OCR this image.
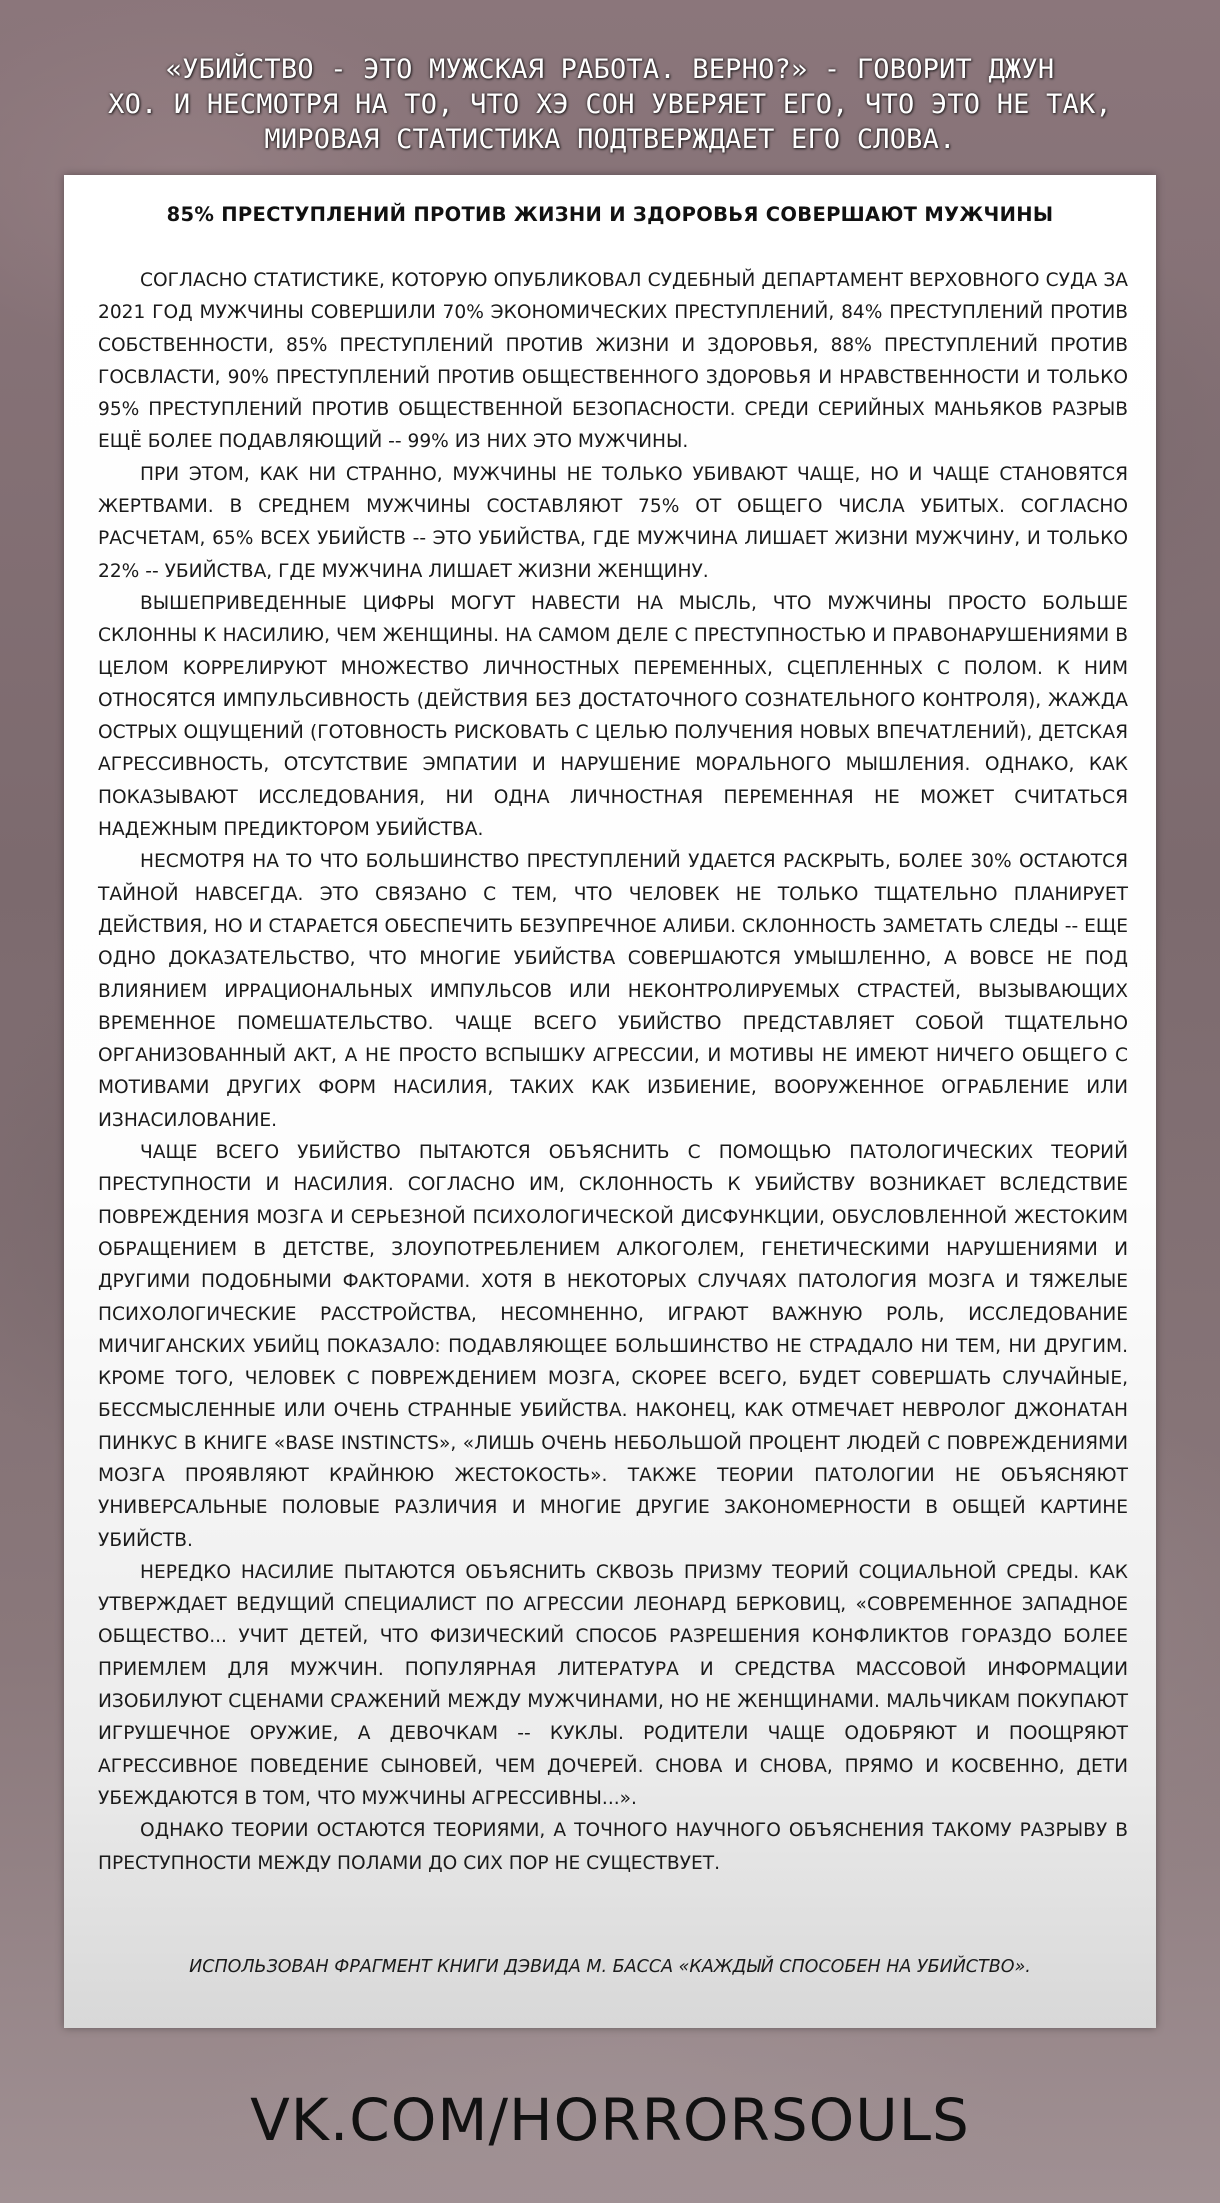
«УБИЙСТВО - ЭТО МУЖСКАЯ РАБОТА. ВЕРНО?» - ГОВОРИТ ДЖУН
ХО. И НЕСМОТРЯ НА ТО, ЧТО ХЭ СОН УВЕРЯЕТ ЕГО, ЧТО ЭТО НЕ ТАК,
МИРОВАЯ СТАТИСТИКА ПОДТВЕРЖДАЕТ ЕГО СЛОВА.
85% ПРЕСТУПЛЕНИЙ ПРОТИВ ЖИЗНИ И ЗДОРОВЬЯ СОВЕРШАЮТ МУЖЧИНЫ

СОГЛАСНО СТАТИСТИКЕ, КОТОРУЮ ОПУБЛИКОВАЛ СУДЕБНЫЙ ДЕПАРТАМЕНТ ВЕРХОВНОГО СУДА ЗА 2021 ГОД МУЖЧИНЫ СОВЕРШИЛИ 70% ЭКОНОМИЧЕСКИХ ПРЕСТУПЛЕНИЙ, 84% ПРЕСТУПЛЕНИЙ ПРОТИВ СОБСТВЕННОСТИ, 85% ПРЕСТУПЛЕНИЙ ПРОТИВ ЖИЗНИ И ЗДОРОВЬЯ, 88% ПРЕСТУПЛЕНИЙ ПРОТИВ ГОСВЛАСТИ, 90% ПРЕСТУПЛЕНИЙ ПРОТИВ ОБЩЕСТВЕННОГО ЗДОРОВЬЯ И НРАВСТВЕННОСТИ И ТОЛЬКО 95% ПРЕСТУПЛЕНИЙ ПРОТИВ ОБЩЕСТВЕННОЙ БЕЗОПАСНОСТИ. СРЕДИ СЕРИЙНЫХ МАНЬЯКОВ РАЗРЫВ ЕЩЁ БОЛЕЕ ПОДАВЛЯЮЩИЙ -- 99% ИЗ НИХ ЭТО МУЖЧИНЫ.

ПРИ ЭТОМ, КАК НИ СТРАННО, МУЖЧИНЫ НЕ ТОЛЬКО УБИВАЮТ ЧАЩЕ, НО И ЧАЩЕ СТАНОВЯТСЯ ЖЕРТВАМИ. В СРЕДНЕМ МУЖЧИНЫ СОСТАВЛЯЮТ 75% ОТ ОБЩЕГО ЧИСЛА УБИТЫХ. СОГЛАСНО РАСЧЕТАМ, 65% ВСЕХ УБИЙСТВ -- ЭТО УБИЙСТВА, ГДЕ МУЖЧИНА ЛИШАЕТ ЖИЗНИ МУЖЧИНУ, И ТОЛЬКО 22% -- УБИЙСТВА, ГДЕ МУЖЧИНА ЛИШАЕТ ЖИЗНИ ЖЕНЩИНУ.

ВЫШЕПРИВЕДЕННЫЕ ЦИФРЫ МОГУТ НАВЕСТИ НА МЫСЛЬ, ЧТО МУЖЧИНЫ ПРОСТО БОЛЬШЕ СКЛОННЫ К НАСИЛИЮ, ЧЕМ ЖЕНЩИНЫ. НА САМОМ ДЕЛЕ С ПРЕСТУПНОСТЬЮ И ПРАВОНАРУШЕНИЯМИ В ЦЕЛОМ КОРРЕЛИРУЮТ МНОЖЕСТВО ЛИЧНОСТНЫХ ПЕРЕМЕННЫХ, СЦЕПЛЕННЫХ С ПОЛОМ. К НИМ ОТНОСЯТСЯ ИМПУЛЬСИВНОСТЬ (ДЕЙСТВИЯ БЕЗ ДОСТАТОЧНОГО СОЗНАТЕЛЬНОГО КОНТРОЛЯ), ЖАЖДА ОСТРЫХ ОЩУЩЕНИЙ (ГОТОВНОСТЬ РИСКОВАТЬ С ЦЕЛЬЮ ПОЛУЧЕНИЯ НОВЫХ ВПЕЧАТЛЕНИЙ), ДЕТСКАЯ АГРЕССИВНОСТЬ, ОТСУТСТВИЕ ЭМПАТИИ И НАРУШЕНИЕ МОРАЛЬНОГО МЫШЛЕНИЯ. ОДНАКО, КАК ПОКАЗЫВАЮТ ИССЛЕДОВАНИЯ, НИ ОДНА ЛИЧНОСТНАЯ ПЕРЕМЕННАЯ НЕ МОЖЕТ СЧИТАТЬСЯ НАДЕЖНЫМ ПРЕДИКТОРОМ УБИЙСТВА.

НЕСМОТРЯ НА ТО ЧТО БОЛЬШИНСТВО ПРЕСТУПЛЕНИЙ УДАЕТСЯ РАСКРЫТЬ, БОЛЕЕ 30% ОСТАЮТСЯ ТАЙНОЙ НАВСЕГДА. ЭТО СВЯЗАНО С ТЕМ, ЧТО ЧЕЛОВЕК НЕ ТОЛЬКО ТЩАТЕЛЬНО ПЛАНИРУЕТ ДЕЙСТВИЯ, НО И СТАРАЕТСЯ ОБЕСПЕЧИТЬ БЕЗУПРЕЧНОЕ АЛИБИ. СКЛОННОСТЬ ЗАМЕТАТЬ СЛЕДЫ -- ЕЩЕ ОДНО ДОКАЗАТЕЛЬСТВО, ЧТО МНОГИЕ УБИЙСТВА СОВЕРШАЮТСЯ УМЫШЛЕННО, А ВОВСЕ НЕ ПОД ВЛИЯНИЕМ ИРРАЦИОНАЛЬНЫХ ИМПУЛЬСОВ ИЛИ НЕКОНТРОЛИРУЕМЫХ СТРАСТЕЙ, ВЫЗЫВАЮЩИХ ВРЕМЕННОЕ ПОМЕШАТЕЛЬСТВО. ЧАЩЕ ВСЕГО УБИЙСТВО ПРЕДСТАВЛЯЕТ СОБОЙ ТЩАТЕЛЬНО ОРГАНИЗОВАННЫЙ АКТ, А НЕ ПРОСТО ВСПЫШКУ АГРЕССИИ, И МОТИВЫ НЕ ИМЕЮТ НИЧЕГО ОБЩЕГО С МОТИВАМИ ДРУГИХ ФОРМ НАСИЛИЯ, ТАКИХ КАК ИЗБИЕНИЕ, ВООРУЖЕННОЕ ОГРАБЛЕНИЕ ИЛИ ИЗНАСИЛОВАНИЕ.

ЧАЩЕ ВСЕГО УБИЙСТВО ПЫТАЮТСЯ ОБЪЯСНИТЬ С ПОМОЩЬЮ ПАТОЛОГИЧЕСКИХ ТЕОРИЙ ПРЕСТУПНОСТИ И НАСИЛИЯ. СОГЛАСНО ИМ, СКЛОННОСТЬ К УБИЙСТВУ ВОЗНИКАЕТ ВСЛЕДСТВИЕ ПОВРЕЖДЕНИЯ МОЗГА И СЕРЬЕЗНОЙ ПСИХОЛОГИЧЕСКОЙ ДИСФУНКЦИИ, ОБУСЛОВЛЕННОЙ ЖЕСТОКИМ ОБРАЩЕНИЕМ В ДЕТСТВЕ, ЗЛОУПОТРЕБЛЕНИЕМ АЛКОГОЛЕМ, ГЕНЕТИЧЕСКИМИ НАРУШЕНИЯМИ И ДРУГИМИ ПОДОБНЫМИ ФАКТОРАМИ. ХОТЯ В НЕКОТОРЫХ СЛУЧАЯХ ПАТОЛОГИЯ МОЗГА И ТЯЖЕЛЫЕ ПСИХОЛОГИЧЕСКИЕ РАССТРОЙСТВА, НЕСОМНЕННО, ИГРАЮТ ВАЖНУЮ РОЛЬ, ИССЛЕДОВАНИЕ МИЧИГАНСКИХ УБИЙЦ ПОКАЗАЛО: ПОДАВЛЯЮЩЕЕ БОЛЬШИНСТВО НЕ СТРАДАЛО НИ ТЕМ, НИ ДРУГИМ. КРОМЕ ТОГО, ЧЕЛОВЕК С ПОВРЕЖДЕНИЕМ МОЗГА, СКОРЕЕ ВСЕГО, БУДЕТ СОВЕРШАТЬ СЛУЧАЙНЫЕ, БЕССМЫСЛЕННЫЕ ИЛИ ОЧЕНЬ СТРАННЫЕ УБИЙСТВА. НАКОНЕЦ, КАК ОТМЕЧАЕТ НЕВРОЛОГ ДЖОНАТАН ПИНКУС В КНИГЕ «BASE INSTINCTS», «ЛИШЬ ОЧЕНЬ НЕБОЛЬШОЙ ПРОЦЕНТ ЛЮДЕЙ С ПОВРЕЖДЕНИЯМИ МОЗГА ПРОЯВЛЯЮТ КРАЙНЮЮ ЖЕСТОКОСТЬ». ТАКЖЕ ТЕОРИИ ПАТОЛОГИИ НЕ ОБЪЯСНЯЮТ УНИВЕРСАЛЬНЫЕ ПОЛОВЫЕ РАЗЛИЧИЯ И МНОГИЕ ДРУГИЕ ЗАКОНОМЕРНОСТИ В ОБЩЕЙ КАРТИНЕ УБИЙСТВ.

НЕРЕДКО НАСИЛИЕ ПЫТАЮТСЯ ОБЪЯСНИТЬ СКВОЗЬ ПРИЗМУ ТЕОРИЙ СОЦИАЛЬНОЙ СРЕДЫ. КАК УТВЕРЖДАЕТ ВЕДУЩИЙ СПЕЦИАЛИСТ ПО АГРЕССИИ ЛЕОНАРД БЕРКОВИЦ, «СОВРЕМЕННОЕ ЗАПАДНОЕ ОБЩЕСТВО... УЧИТ ДЕТЕЙ, ЧТО ФИЗИЧЕСКИЙ СПОСОБ РАЗРЕШЕНИЯ КОНФЛИКТОВ ГОРАЗДО БОЛЕЕ ПРИЕМЛЕМ ДЛЯ МУЖЧИН. ПОПУЛЯРНАЯ ЛИТЕРАТУРА И СРЕДСТВА МАССОВОЙ ИНФОРМАЦИИ ИЗОБИЛУЮТ СЦЕНАМИ СРАЖЕНИЙ МЕЖДУ МУЖЧИНАМИ, НО НЕ ЖЕНЩИНАМИ. МАЛЬЧИКАМ ПОКУПАЮТ ИГРУШЕЧНОЕ ОРУЖИЕ, А ДЕВОЧКАМ -- КУКЛЫ. РОДИТЕЛИ ЧАЩЕ ОДОБРЯЮТ И ПООЩРЯЮТ АГРЕССИВНОЕ ПОВЕДЕНИЕ СЫНОВЕЙ, ЧЕМ ДОЧЕРЕЙ. СНОВА И СНОВА, ПРЯМО И КОСВЕННО, ДЕТИ УБЕЖДАЮТСЯ В ТОМ, ЧТО МУЖЧИНЫ АГРЕССИВНЫ...».

ОДНАКО ТЕОРИИ ОСТАЮТСЯ ТЕОРИЯМИ, А ТОЧНОГО НАУЧНОГО ОБЪЯСНЕНИЯ ТАКОМУ РАЗРЫВУ В ПРЕСТУПНОСТИ МЕЖДУ ПОЛАМИ ДО СИХ ПОР НЕ СУЩЕСТВУЕТ.

ИСПОЛЬЗОВАН ФРАГМЕНТ КНИГИ ДЭВИДА М. БАССА «КАЖДЫЙ СПОСОБЕН НА УБИЙСТВО».
VK.COM/HORRORSOULS
